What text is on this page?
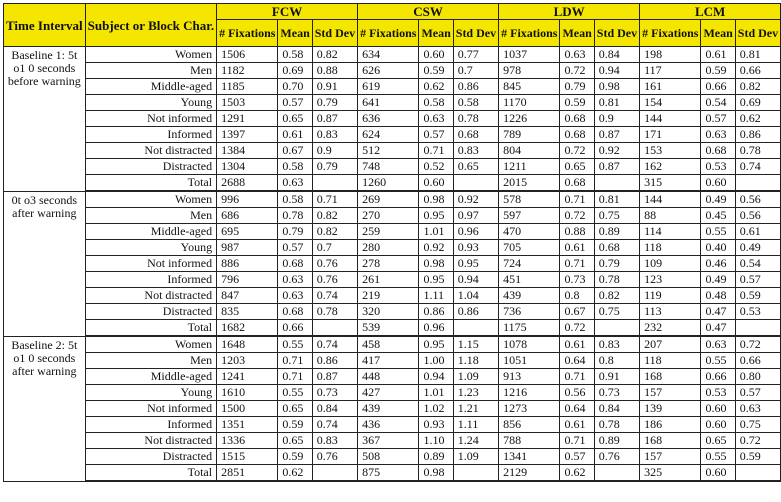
Time Interval	Subject or Block Char.	FCW			CSW			LDW			LCM		
		# Fixations	Mean	Std Dev	# Fixations	Mean	Std Dev	# Fixations	Mean	Std Dev	# Fixations	Mean	Std Dev
Baseline 1: 5t o1 0 seconds before warning	Women	1506	0.58	0.82	634	0.60	0.77	1037	0.63	0.84	198	0.61	0.81
	Men	1182	0.69	0.88	626	0.59	0.7	978	0.72	0.94	117	0.59	0.66
	Middle-aged	1185	0.70	0.91	619	0.62	0.86	845	0.79	0.98	161	0.66	0.82
	Young	1503	0.57	0.79	641	0.58	0.58	1170	0.59	0.81	154	0.54	0.69
	Not informed	1291	0.65	0.87	636	0.63	0.78	1226	0.68	0.9	144	0.57	0.62
	Informed	1397	0.61	0.83	624	0.57	0.68	789	0.68	0.87	171	0.63	0.86
	Not distracted	1384	0.67	0.9	512	0.71	0.83	804	0.72	0.92	153	0.68	0.78
	Distracted	1304	0.58	0.79	748	0.52	0.65	1211	0.65	0.87	162	0.53	0.74
	Total	2688	0.63		1260	0.60		2015	0.68		315	0.60	
0t o3 seconds after warning	Women	996	0.58	0.71	269	0.98	0.92	578	0.71	0.81	144	0.49	0.56
	Men	686	0.78	0.82	270	0.95	0.97	597	0.72	0.75	88	0.45	0.56
	Middle-aged	695	0.79	0.82	259	1.01	0.96	470	0.88	0.89	114	0.55	0.61
	Young	987	0.57	0.7	280	0.92	0.93	705	0.61	0.68	118	0.40	0.49
	Not informed	886	0.68	0.76	278	0.98	0.95	724	0.71	0.79	109	0.46	0.54
	Informed	796	0.63	0.76	261	0.95	0.94	451	0.73	0.78	123	0.49	0.57
	Not distracted	847	0.63	0.74	219	1.11	1.04	439	0.8	0.82	119	0.48	0.59
	Distracted	835	0.68	0.78	320	0.86	0.86	736	0.67	0.75	113	0.47	0.53
	Total	1682	0.66		539	0.96		1175	0.72		232	0.47	
Baseline 2: 5t o1 0 seconds after warning	Women	1648	0.55	0.74	458	0.95	1.15	1078	0.61	0.83	207	0.63	0.72
	Men	1203	0.71	0.86	417	1.00	1.18	1051	0.64	0.8	118	0.55	0.66
	Middle-aged	1241	0.71	0.87	448	0.94	1.09	913	0.71	0.91	168	0.66	0.80
	Young	1610	0.55	0.73	427	1.01	1.23	1216	0.56	0.73	157	0.53	0.57
	Not informed	1500	0.65	0.84	439	1.02	1.21	1273	0.64	0.84	139	0.60	0.63
	Informed	1351	0.59	0.74	436	0.93	1.11	856	0.61	0.78	186	0.60	0.75
	Not distracted	1336	0.65	0.83	367	1.10	1.24	788	0.71	0.89	168	0.65	0.72
	Distracted	1515	0.59	0.76	508	0.89	1.09	1341	0.57	0.76	157	0.55	0.59
	Total	2851	0.62		875	0.98		2129	0.62		325	0.60	
